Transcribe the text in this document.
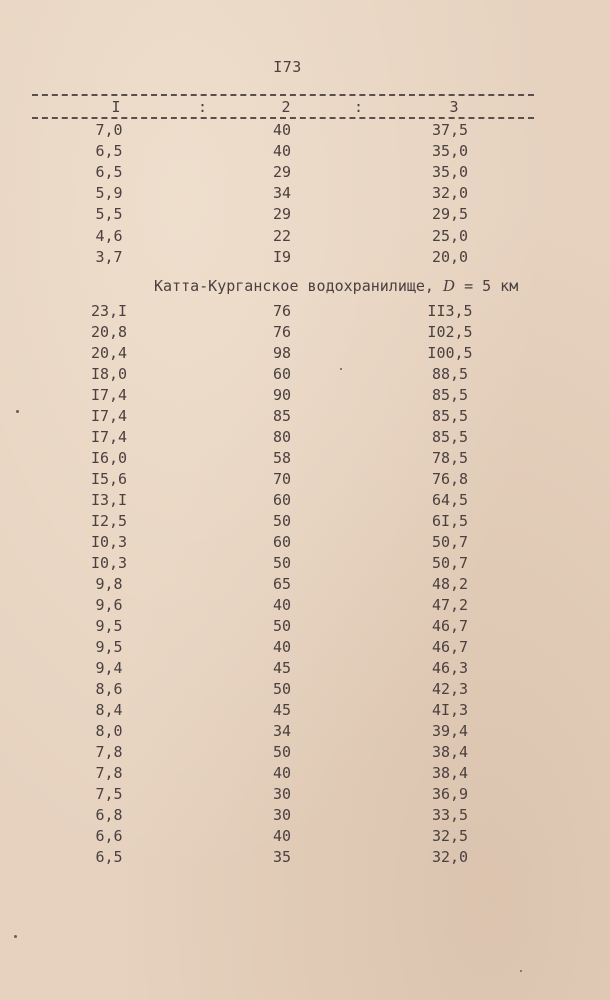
I73
I	:	2	:	3
7,0	40	37,5
6,5	40	35,0
6,5	29	35,0
5,9	34	32,0
5,5	29	29,5
4,6	22	25,0
3,7	I9	20,0
Катта-Курганское водохранилище, D = 5 км
23,I	76	II3,5
20,8	76	I02,5
20,4	98	I00,5
I8,0	60	88,5
I7,4	90	85,5
I7,4	85	85,5
I7,4	80	85,5
I6,0	58	78,5
I5,6	70	76,8
I3,I	60	64,5
I2,5	50	6I,5
I0,3	60	50,7
I0,3	50	50,7
9,8	65	48,2
9,6	40	47,2
9,5	50	46,7
9,5	40	46,7
9,4	45	46,3
8,6	50	42,3
8,4	45	4I,3
8,0	34	39,4
7,8	50	38,4
7,8	40	38,4
7,5	30	36,9
6,8	30	33,5
6,6	40	32,5
6,5	35	32,0
